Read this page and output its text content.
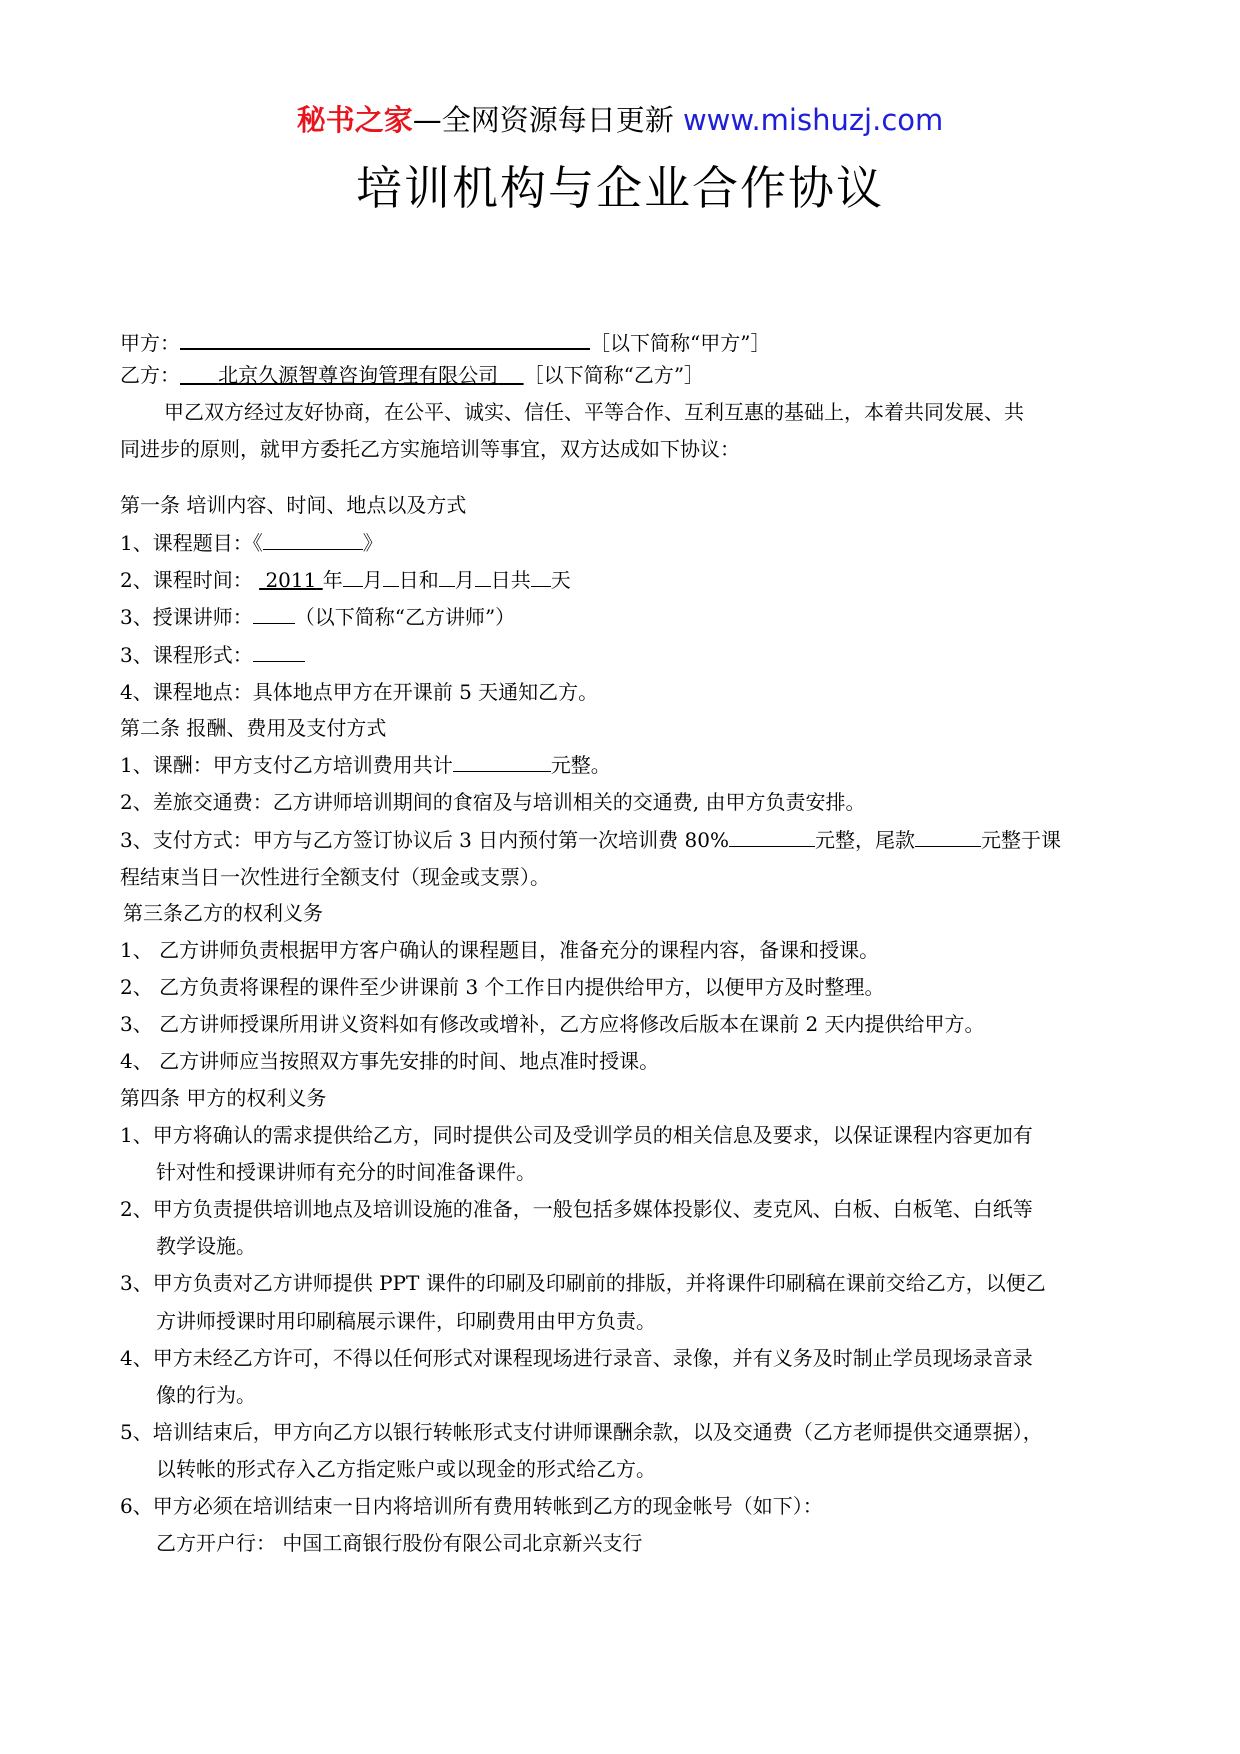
秘书之家—全网资源每日更新 www.mishuzj.com
培训机构与企业合作协议
甲方：	［以下简称“甲方”］
乙方： 北京久源智尊咨询管理有限公司 ［以下简称“乙方”］
甲乙双方经过友好协商，在公平、诚实、信任、平等合作、互利互惠的基础上，本着共同发展、共
同进步的原则，就甲方委托乙方实施培训等事宜，双方达成如下协议：
第一条 培训内容、时间、地点以及方式
1、课程题目：《	》
2、课程时间： 2011 年 月 日和 月 日共 天
3、授课讲师： （以下简称“乙方讲师”）
3、课程形式：
4、课程地点：具体地点甲方在开课前 5 天通知乙方。
第二条 报酬、费用及支付方式
1、课酬：甲方支付乙方培训费用共计	元整。
2、差旅交通费：乙方讲师培训期间的食宿及与培训相关的交通费, 由甲方负责安排。
3、支付方式：甲方与乙方签订协议后 3 日内预付第一次培训费 80%	元整，尾款	元整于课
程结束当日一次性进行全额支付（现金或支票）。
第三条乙方的权利义务
1、 乙方讲师负责根据甲方客户确认的课程题目，准备充分的课程内容，备课和授课。
2、 乙方负责将课程的课件至少讲课前 3 个工作日内提供给甲方，以便甲方及时整理。
3、 乙方讲师授课所用讲义资料如有修改或增补，乙方应将修改后版本在课前 2 天内提供给甲方。
4、 乙方讲师应当按照双方事先安排的时间、地点准时授课。
第四条 甲方的权利义务
1、甲方将确认的需求提供给乙方，同时提供公司及受训学员的相关信息及要求，以保证课程内容更加有
针对性和授课讲师有充分的时间准备课件。
2、甲方负责提供培训地点及培训设施的准备，一般包括多媒体投影仪、麦克风、白板、白板笔、白纸等
教学设施。
3、甲方负责对乙方讲师提供 PPT 课件的印刷及印刷前的排版，并将课件印刷稿在课前交给乙方，以便乙
方讲师授课时用印刷稿展示课件，印刷费用由甲方负责。
4、甲方未经乙方许可，不得以任何形式对课程现场进行录音、录像，并有义务及时制止学员现场录音录
像的行为。
5、培训结束后，甲方向乙方以银行转帐形式支付讲师课酬余款，以及交通费（乙方老师提供交通票据），
以转帐的形式存入乙方指定账户或以现金的形式给乙方。
6、甲方必须在培训结束一日内将培训所有费用转帐到乙方的现金帐号（如下）：
乙方开户行： 中国工商银行股份有限公司北京新兴支行
